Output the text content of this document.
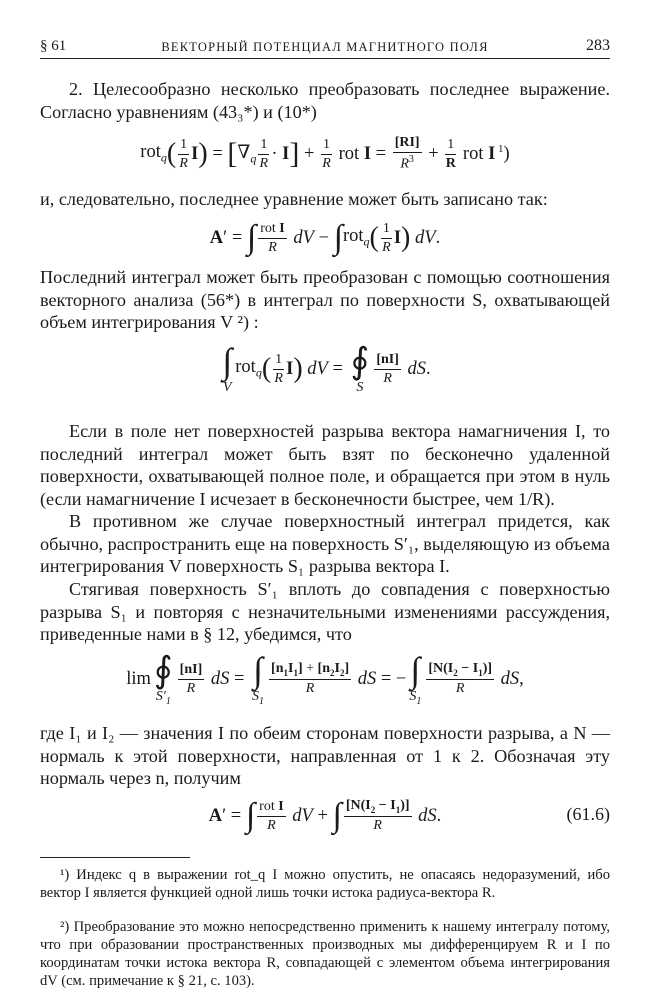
§ 61	ВЕКТОРНЫЙ ПОТЕНЦИАЛ МАГНИТНОГО ПОЛЯ	283
2. Целесообразно несколько преобразовать последнее выражение. Согласно уравнениям (43₃*) и (10*)
rot$_q$ ( $\frac{1}{R}$ I ) = [ $\nabla_q \frac{1}{R} \cdot I$ ] + $\frac{1}{R}$ rot $I = \frac{[RI]}{R^3} + \frac{1}{R}$ rot I $^1$)
и, следовательно, последнее уравнение может быть записано так:
A′ = ∫ $\frac{\text{rot I}}{R}$ dV − ∫ rot$_q$ ( $\frac{1}{R}$ I ) dV.
Последний интеграл может быть преобразован с помощью соотношения векторного анализа (56*) в интеграл по поверхности S, охватывающей объем интегрирования V ²) :
∫
V
rot$_q$ ( $\frac{1}{R}$ I ) dV = ∮
S
$\frac{[nI]}{R}$ dS.
Если в поле нет поверхностей разрыва вектора намагничения I, то последний интеграл может быть взят по бесконечно удаленной поверхности, охватывающей полное поле, и обращается при этом в нуль (если намагничение I исчезает в бесконечности быстрее, чем 1/R).
В противном же случае поверхностный интеграл придется, как обычно, распространить еще на поверхность S′₁, выделяющую из объема интегрирования V поверхность S₁ разрыва вектора I.
Стягивая поверхность S′₁ вплоть до совпадения с поверхностью разрыва S₁ и повторяя с незначительными изменениями рассуждения, приведенные нами в § 12, убедимся, что
lim ∮
$S'_1$
$\frac{[nI]}{R}$ dS = ∫
$S_1$
$\frac{[n_1I_1] + [n_2I_2]}{R}$ dS = − ∫
$S_1$
$\frac{[N(I_2 - I_1)]}{R}$ dS,
где I₁ и I₂ — значения I по обеим сторонам поверхности разрыва, а N — нормаль к этой поверхности, направленная от 1 к 2. Обозначая эту нормаль через n, получим
A′ = ∫ $\frac{\text{rot I}}{R}$ dV + ∫ $\frac{[N(I_2 - I_1)]}{R}$ dS.	(61.6)
¹) Индекс q в выражении rot_q I можно опустить, не опасаясь недоразумений, ибо вектор I является функцией одной лишь точки истока радиуса-вектора R.
²) Преобразование это можно непосредственно применить к нашему интегралу потому, что при образовании пространственных производных мы дифференцируем R и I по координатам точки истока вектора R, совпадающей с элементом объема интегрирования dV (см. примечание к § 21, с. 103).
